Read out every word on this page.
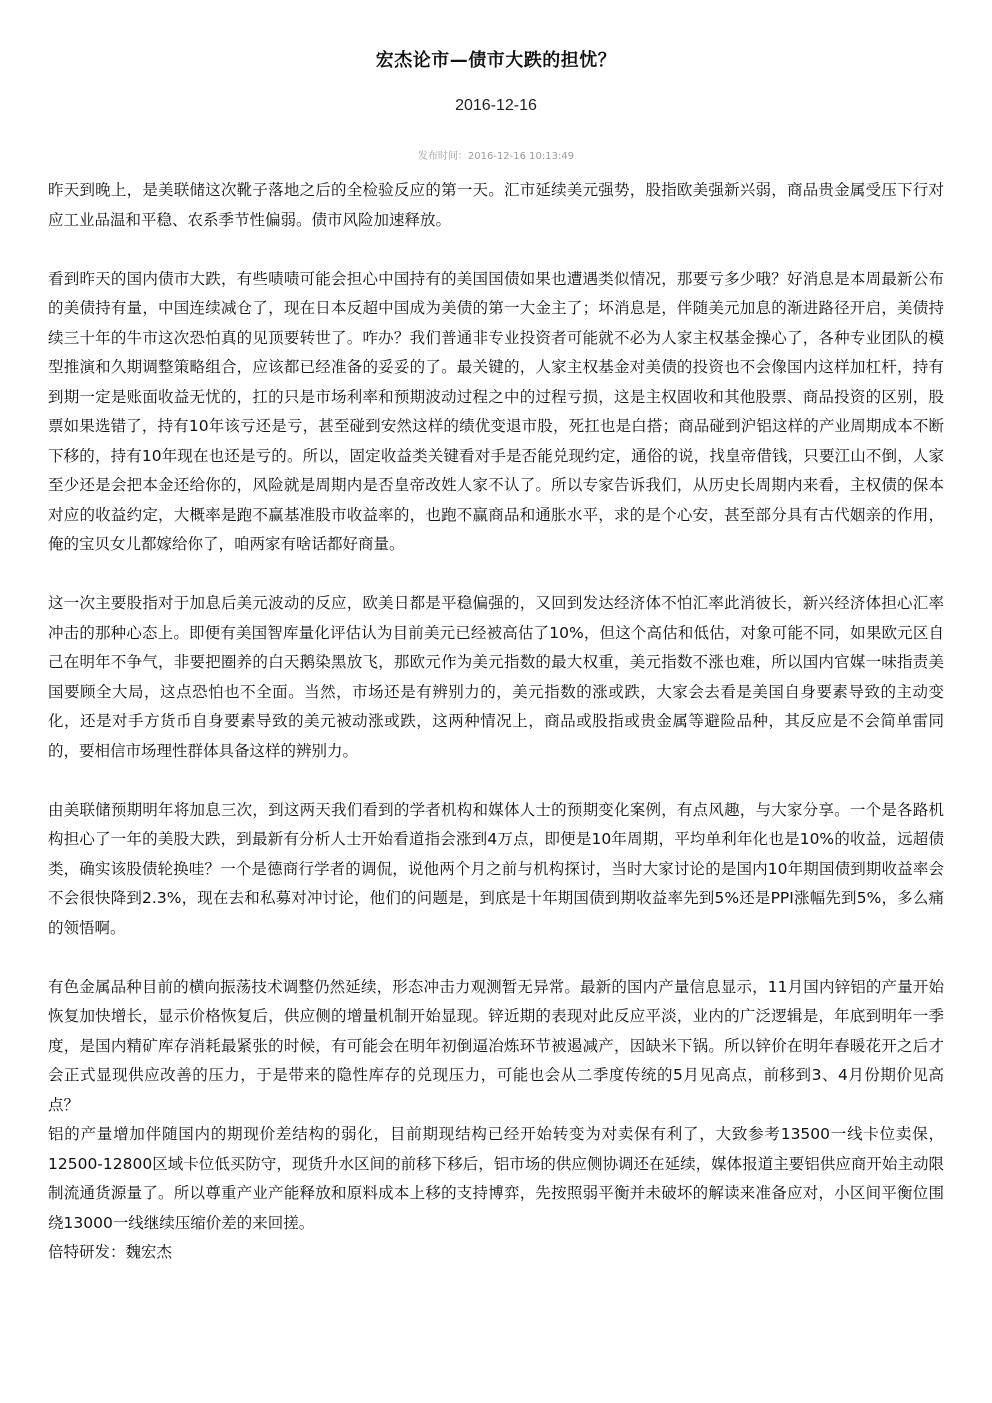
宏杰论市—债市大跌的担忧？
2016-12-16
发布时间：2016-12-16 10:13:49

昨天到晚上，是美联储这次靴子落地之后的全检验反应的第一天。汇市延续美元强势，股指欧美强新兴弱，商品贵金属受压下行对应工业品温和平稳、农系季节性偏弱。债市风险加速释放。

看到昨天的国内债市大跌，有些啧啧可能会担心中国持有的美国国债如果也遭遇类似情况，那要亏多少哦？好消息是本周最新公布的美债持有量，中国连续减仓了，现在日本反超中国成为美债的第一大金主了；坏消息是，伴随美元加息的渐进路径开启，美债持续三十年的牛市这次恐怕真的见顶要转世了。咋办？我们普通非专业投资者可能就不必为人家主权基金操心了，各种专业团队的模型推演和久期调整策略组合，应该都已经准备的妥妥的了。最关键的，人家主权基金对美债的投资也不会像国内这样加杠杆，持有到期一定是账面收益无忧的，扛的只是市场利率和预期波动过程之中的过程亏损，这是主权固收和其他股票、商品投资的区别，股票如果选错了，持有10年该亏还是亏，甚至碰到安然这样的绩优变退市股，死扛也是白搭；商品碰到沪铝这样的产业周期成本不断下移的，持有10年现在也还是亏的。所以，固定收益类关键看对手是否能兑现约定，通俗的说，找皇帝借钱，只要江山不倒，人家至少还是会把本金还给你的，风险就是周期内是否皇帝改姓人家不认了。所以专家告诉我们，从历史长周期内来看，主权债的保本对应的收益约定，大概率是跑不赢基准股市收益率的，也跑不赢商品和通胀水平，求的是个心安，甚至部分具有古代姻亲的作用，俺的宝贝女儿都嫁给你了，咱两家有啥话都好商量。

这一次主要股指对于加息后美元波动的反应，欧美日都是平稳偏强的，又回到发达经济体不怕汇率此消彼长，新兴经济体担心汇率冲击的那种心态上。即便有美国智库量化评估认为目前美元已经被高估了10%，但这个高估和低估，对象可能不同，如果欧元区自己在明年不争气，非要把圈养的白天鹅染黑放飞，那欧元作为美元指数的最大权重，美元指数不涨也难，所以国内官媒一味指责美国要顾全大局，这点恐怕也不全面。当然，市场还是有辨别力的，美元指数的涨或跌，大家会去看是美国自身要素导致的主动变化，还是对手方货币自身要素导致的美元被动涨或跌，这两种情况上，商品或股指或贵金属等避险品种，其反应是不会简单雷同的，要相信市场理性群体具备这样的辨别力。

由美联储预期明年将加息三次，到这两天我们看到的学者机构和媒体人士的预期变化案例，有点风趣，与大家分享。一个是各路机构担心了一年的美股大跌，到最新有分析人士开始看道指会涨到4万点，即便是10年周期，平均单利年化也是10%的收益，远超债类，确实该股债轮换哇？一个是德商行学者的调侃，说他两个月之前与机构探讨，当时大家讨论的是国内10年期国债到期收益率会不会很快降到2.3%，现在去和私募对冲讨论，他们的问题是，到底是十年期国债到期收益率先到5%还是PPI涨幅先到5%，多么痛的领悟啊。

有色金属品种目前的横向振荡技术调整仍然延续，形态冲击力观测暂无异常。最新的国内产量信息显示，11月国内锌铝的产量开始恢复加快增长，显示价格恢复后，供应侧的增量机制开始显现。锌近期的表现对此反应平淡，业内的广泛逻辑是，年底到明年一季度，是国内精矿库存消耗最紧张的时候，有可能会在明年初倒逼冶炼环节被遏减产，因缺米下锅。所以锌价在明年春暖花开之后才会正式显现供应改善的压力，于是带来的隐性库存的兑现压力，可能也会从二季度传统的5月见高点，前移到3、4月份期价见高点？

铝的产量增加伴随国内的期现价差结构的弱化，目前期现结构已经开始转变为对卖保有利了，大致参考13500一线卡位卖保，12500-12800区域卡位低买防守，现货升水区间的前移下移后，铝市场的供应侧协调还在延续，媒体报道主要铝供应商开始主动限制流通货源量了。所以尊重产业产能释放和原料成本上移的支持博弈，先按照弱平衡并未破坏的解读来准备应对，小区间平衡位围绕13000一线继续压缩价差的来回搓。

倍特研发：魏宏杰
